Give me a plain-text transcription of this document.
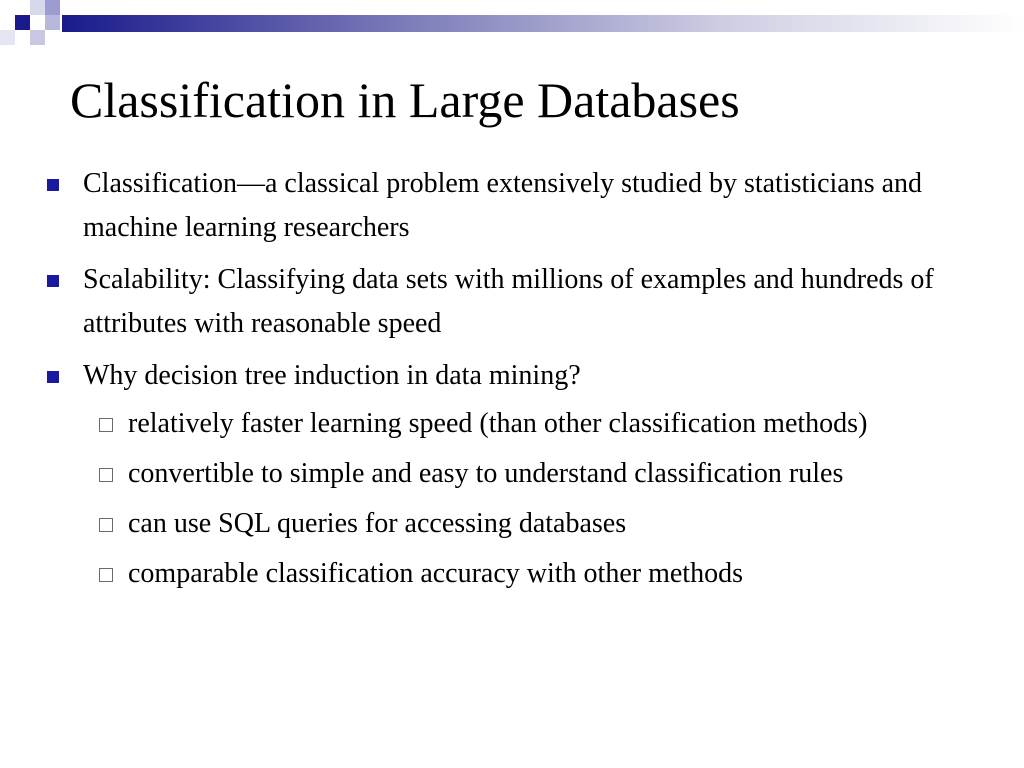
Classification in Large Databases
Classification—a classical problem extensively studied by statisticians and machine learning researchers
Scalability: Classifying data sets with millions of examples and hundreds of attributes with reasonable speed
Why decision tree induction in data mining?
relatively faster learning speed (than other classification methods)
convertible to simple and easy to understand classification rules
can use SQL queries for accessing databases
comparable classification accuracy with other methods
